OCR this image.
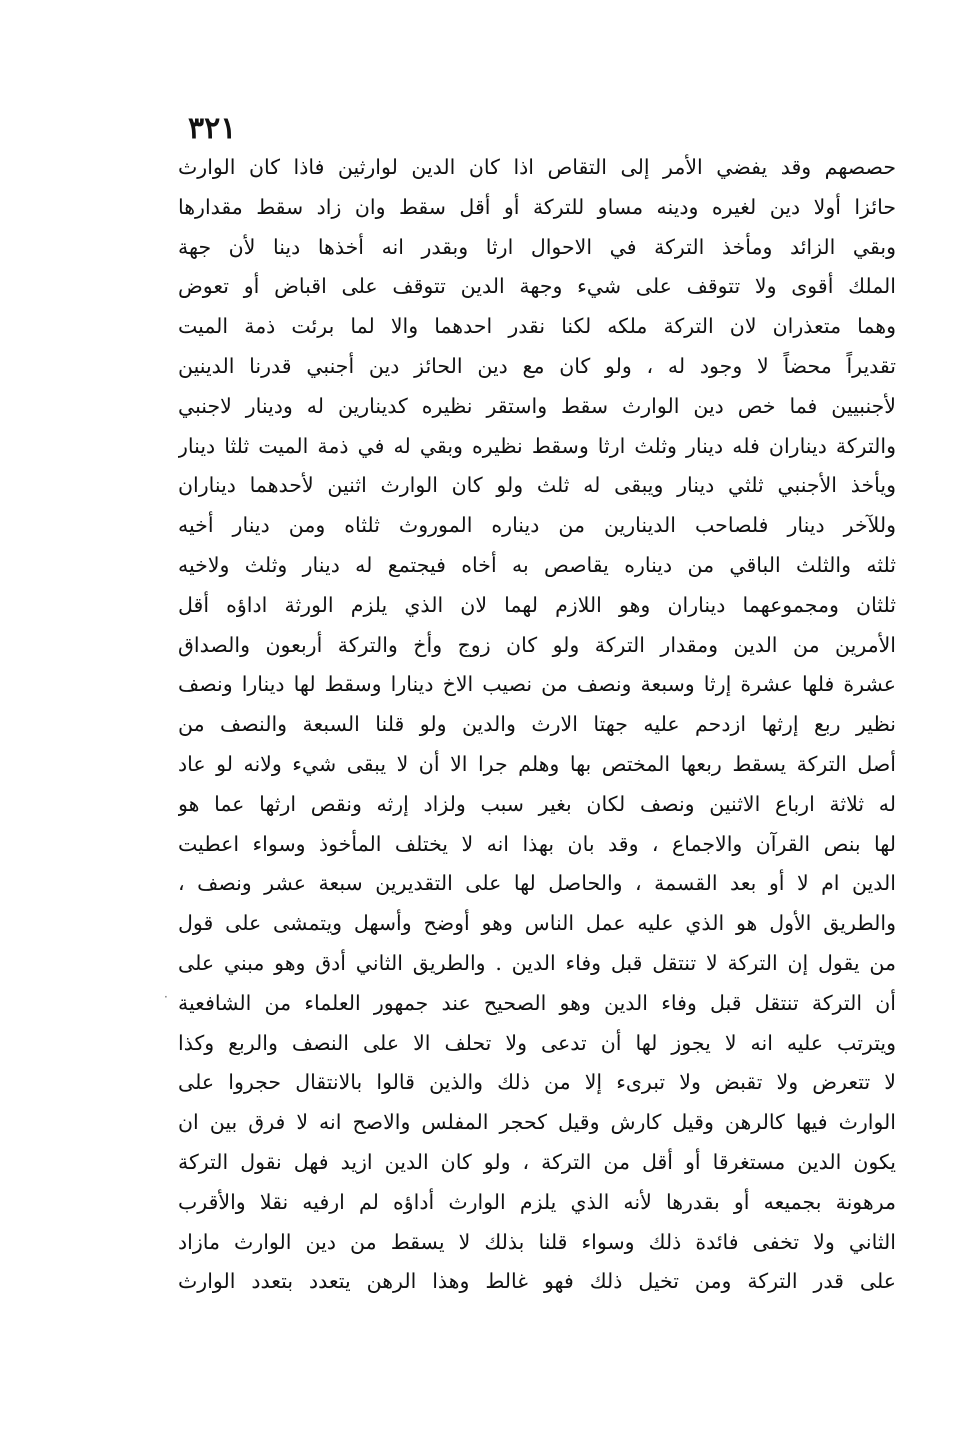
٣٢١
·
حصصهم وقد يفضي الأمر إلى التقاص اذا كان الدين لوارثين فاذا كان الوارث
حائزا أولا دين لغيره ودينه مساو للتركة أو أقل سقط وان زاد سقط مقدارها
وبقي الزائد ومأخذ التركة في الاحوال ارثا وبقدر انه أخذها دينا لأن جهة
الملك أقوى ولا تتوقف على شيء وجهة الدين تتوقف على اقباض أو تعوض
وهما متعذران لان التركة ملكه لكنا نقدر احدهما والا لما برئت ذمة الميت
تقديراً محضاً لا وجود له ، ولو كان مع دين الحائز دين أجنبي قدرنا الدينين
لأجنبيين فما خص دين الوارث سقط واستقر نظيره كدينارين له ودينار لاجنبي
والتركة ديناران فله دينار وثلث ارثا وسقط نظيره وبقي له في ذمة الميت ثلثا دينار
ويأخذ الأجنبي ثلثي دينار ويبقى له ثلث ولو كان الوارث اثنين لأحدهما ديناران
وللآخر دينار فلصاحب الدينارين من ديناره الموروث ثلثاه ومن دينار أخيه
ثلثه والثلث الباقي من ديناره يقاصص به أخاه فيجتمع له دينار وثلث ولاخيه
ثلثان ومجموعهما ديناران وهو اللازم لهما لان الذي يلزم الورثة اداؤه أقل
الأمرين من الدين ومقدار التركة ولو كان زوج وأخ والتركة أربعون والصداق
عشرة فلها عشرة إرثا وسبعة ونصف من نصيب الاخ دينارا وسقط لها دينارا ونصف
نظير ربع إرثها ازدحم عليه جهتا الارث والدين ولو قلنا السبعة والنصف من
أصل التركة يسقط ربعها المختص بها وهلم جرا الا أن لا يبقى شيء ولانه لو عاد
له ثلاثة ارباع الاثنين ونصف لكان بغير سبب ولزاد إرثه ونقص ارثها عما هو
لها بنص القرآن والاجماع ، وقد بان بهذا انه لا يختلف المأخوذ وسواء اعطيت
الدين ام لا أو بعد القسمة ، والحاصل لها على التقديرين سبعة عشر ونصف ،
والطريق الأول هو الذي عليه عمل الناس وهو أوضح وأسهل ويتمشى على قول
من يقول إن التركة لا تنتقل قبل وفاء الدين . والطريق الثاني أدق وهو مبني على
أن التركة تنتقل قبل وفاء الدين وهو الصحيح عند جمهور العلماء من الشافعية
ويترتب عليه انه لا يجوز لها أن تدعى ولا تحلف الا على النصف والربع وكذا
لا تتعرض ولا تقبض ولا تبرىء إلا من ذلك والذين قالوا بالانتقال حجروا على
الوارث فيها كالرهن وقيل كارش وقيل كحجر المفلس والاصح انه لا فرق بين ان
يكون الدين مستغرقا أو أقل من التركة ، ولو كان الدين ازيد فهل نقول التركة
مرهونة بجميعه أو بقدرها لأنه الذي يلزم الوارث أداؤه لم ارفيه نقلا والأقرب
الثاني ولا تخفى فائدة ذلك وسواء قلنا بذلك لا يسقط من دين الوارث مازاد
على قدر التركة ومن تخيل ذلك فهو غالط وهذا الرهن يتعدد بتعدد الوارث
